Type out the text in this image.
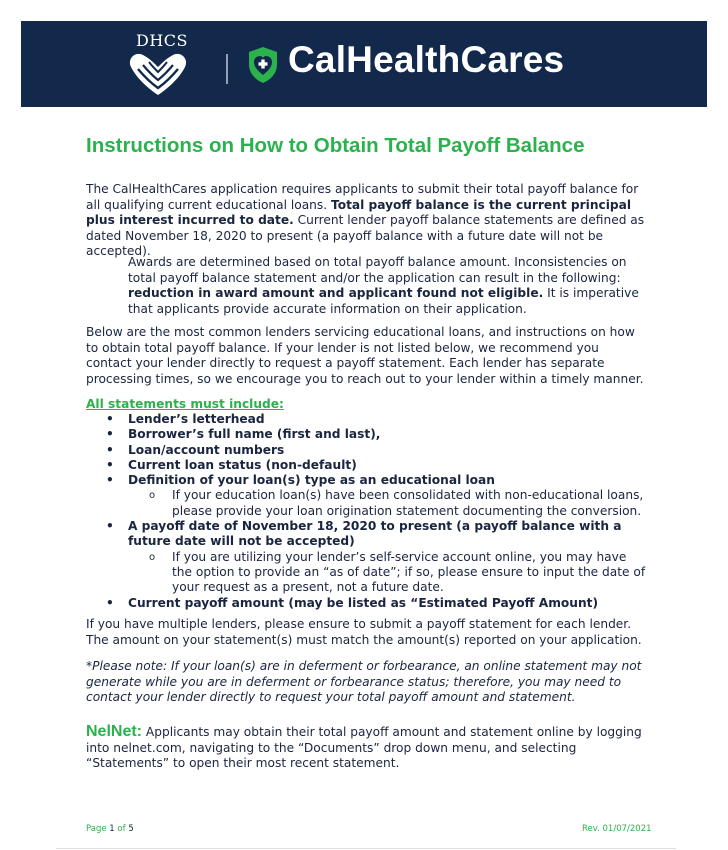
DHCS	CalHealthCares
Instructions on How to Obtain Total Payoff Balance

The CalHealthCares application requires applicants to submit their total payoff balance for all qualifying current educational loans. Total payoff balance is the current principal plus interest incurred to date. Current lender payoff balance statements are defined as dated November 18, 2020 to present (a payoff balance with a future date will not be accepted).

Awards are determined based on total payoff balance amount. Inconsistencies on total payoff balance statement and/or the application can result in the following: reduction in award amount and applicant found not eligible. It is imperative that applicants provide accurate information on their application.

Below are the most common lenders servicing educational loans, and instructions on how to obtain total payoff balance. If your lender is not listed below, we recommend you contact your lender directly to request a payoff statement. Each lender has separate processing times, so we encourage you to reach out to your lender within a timely manner.

All statements must include:
• Lender’s letterhead
• Borrower’s full name (first and last),
• Loan/account numbers
• Current loan status (non-default)
• Definition of your loan(s) type as an educational loan
o If your education loan(s) have been consolidated with non-educational loans, please provide your loan origination statement documenting the conversion.
• A payoff date of November 18, 2020 to present (a payoff balance with a future date will not be accepted)
o If you are utilizing your lender’s self-service account online, you may have the option to provide an “as of date”; if so, please ensure to input the date of your request as a present, not a future date.
• Current payoff amount (may be listed as “Estimated Payoff Amount)

If you have multiple lenders, please ensure to submit a payoff statement for each lender. The amount on your statement(s) must match the amount(s) reported on your application.

*Please note: If your loan(s) are in deferment or forbearance, an online statement may not generate while you are in deferment or forbearance status; therefore, you may need to contact your lender directly to request your total payoff amount and statement.

NelNet: Applicants may obtain their total payoff amount and statement online by logging into nelnet.com, navigating to the “Documents” drop down menu, and selecting “Statements” to open their most recent statement.

Page 1 of 5	Rev. 01/07/2021
